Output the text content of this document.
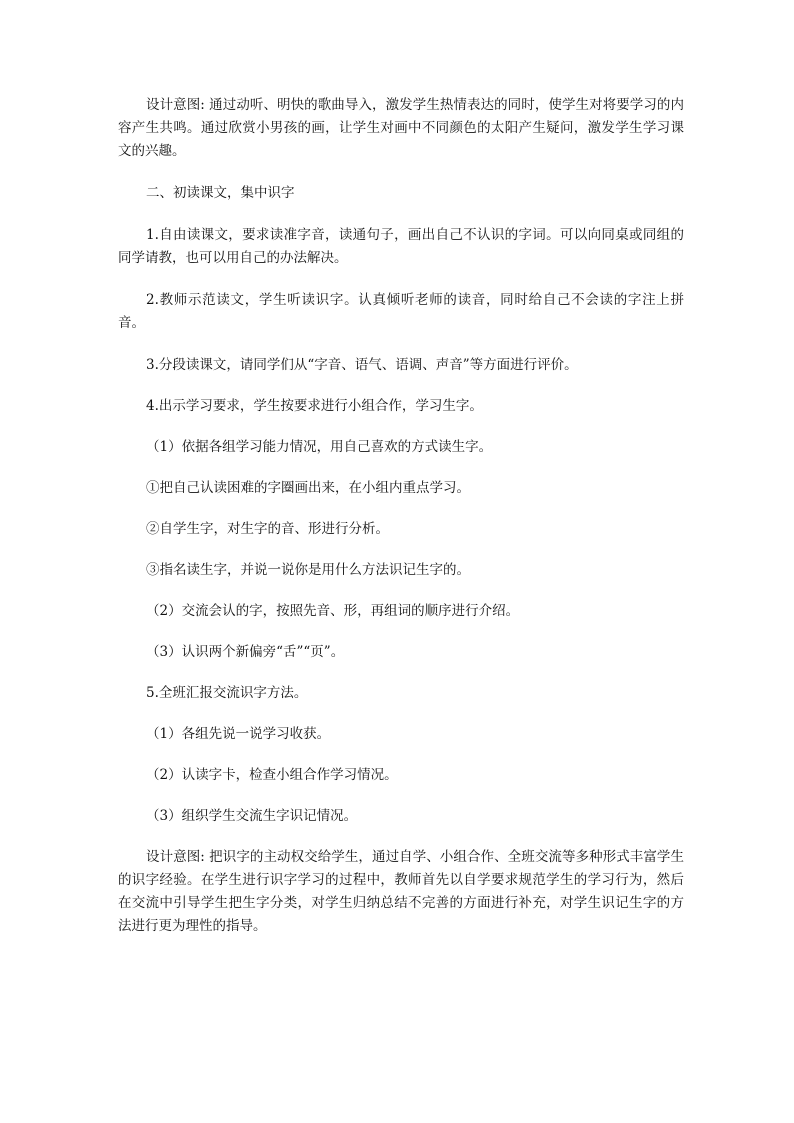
设计意图: 通过动听、明快的歌曲导入，激发学生热情表达的同时，使学生对将要学习的内容产生共鸣。通过欣赏小男孩的画，让学生对画中不同颜色的太阳产生疑问，激发学生学习课文的兴趣。

二、初读课文，集中识字

1.自由读课文，要求读准字音，读通句子，画出自己不认识的字词。可以向同桌或同组的同学请教，也可以用自己的办法解决。

2.教师示范读文，学生听读识字。认真倾听老师的读音，同时给自己不会读的字注上拼音。

3.分段读课文，请同学们从“字音、语气、语调、声音”等方面进行评价。

4.出示学习要求，学生按要求进行小组合作，学习生字。

（1）依据各组学习能力情况，用自己喜欢的方式读生字。

①把自己认读困难的字圈画出来，在小组内重点学习。

②自学生字，对生字的音、形进行分析。

③指名读生字，并说一说你是用什么方法识记生字的。

（2）交流会认的字，按照先音、形，再组词的顺序进行介绍。

（3）认识两个新偏旁“舌”“页”。

5.全班汇报交流识字方法。

（1）各组先说一说学习收获。

（2）认读字卡，检查小组合作学习情况。

（3）组织学生交流生字识记情况。

设计意图: 把识字的主动权交给学生，通过自学、小组合作、全班交流等多种形式丰富学生的识字经验。在学生进行识字学习的过程中，教师首先以自学要求规范学生的学习行为，然后在交流中引导学生把生字分类，对学生归纳总结不完善的方面进行补充，对学生识记生字的方法进行更为理性的指导。
